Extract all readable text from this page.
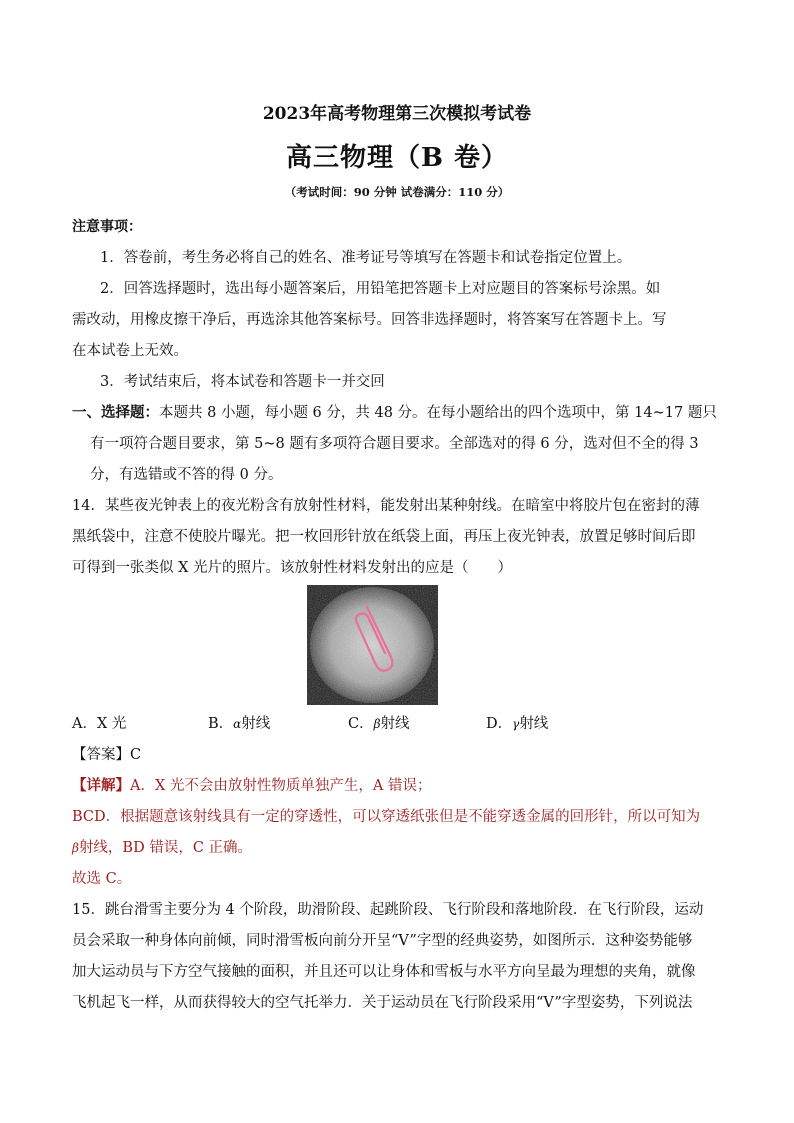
2023年高考物理第三次模拟考试卷
高三物理（B 卷）
（考试时间：90 分钟 试卷满分：110 分）
注意事项：
1．答卷前，考生务必将自己的姓名、准考证号等填写在答题卡和试卷指定位置上。
2．回答选择题时，选出每小题答案后，用铅笔把答题卡上对应题目的答案标号涂黑。如
需改动，用橡皮擦干净后，再选涂其他答案标号。回答非选择题时，将答案写在答题卡上。写
在本试卷上无效。
3．考试结束后，将本试卷和答题卡一并交回
一、选择题：本题共 8 小题，每小题 6 分，共 48 分。在每小题给出的四个选项中，第 14~17 题只
有一项符合题目要求，第 5~8 题有多项符合题目要求。全部选对的得 6 分，选对但不全的得 3
分，有选错或不答的得 0 分。
14．某些夜光钟表上的夜光粉含有放射性材料，能发射出某种射线。在暗室中将胶片包在密封的薄
黑纸袋中，注意不使胶片曝光。把一枚回形针放在纸袋上面，再压上夜光钟表，放置足够时间后即
可得到一张类似 X 光片的照片。该放射性材料发射出的应是（　　）
A．X 光	B．α射线	C．β射线	D．γ射线
【答案】C
【详解】A．X 光不会由放射性物质单独产生，A 错误；
BCD．根据题意该射线具有一定的穿透性，可以穿透纸张但是不能穿透金属的回形针，所以可知为
β射线，BD 错误，C 正确。
故选 C。
15．跳台滑雪主要分为 4 个阶段，助滑阶段、起跳阶段、飞行阶段和落地阶段．在飞行阶段，运动
员会采取一种身体向前倾，同时滑雪板向前分开呈“V”字型的经典姿势，如图所示．这种姿势能够
加大运动员与下方空气接触的面积，并且还可以让身体和雪板与水平方向呈最为理想的夹角，就像
飞机起飞一样，从而获得较大的空气托举力．关于运动员在飞行阶段采用“V”字型姿势，下列说法
